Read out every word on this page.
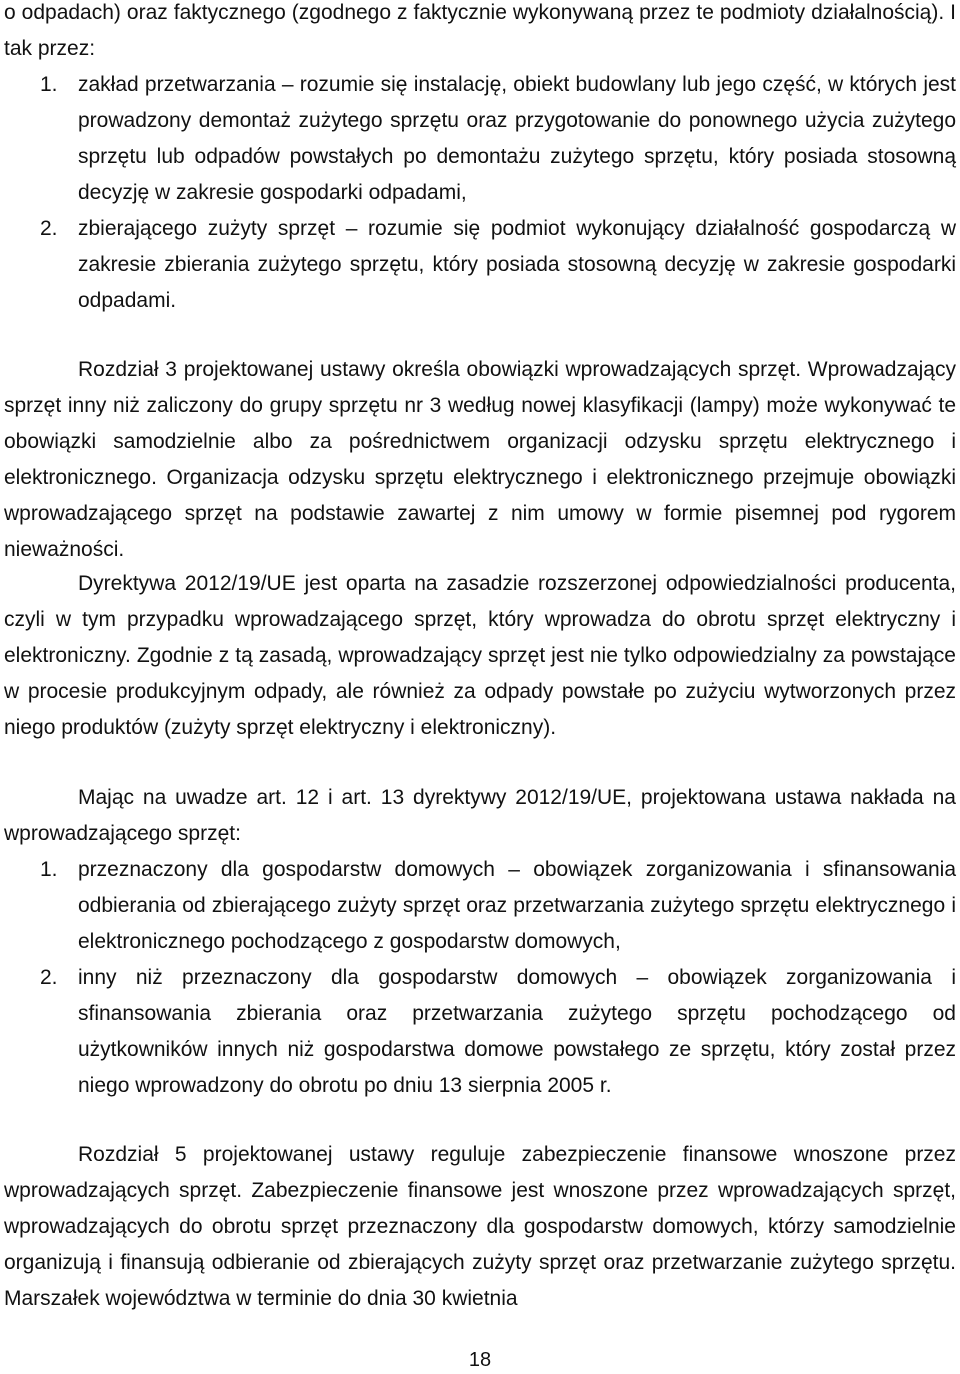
o odpadach) oraz faktycznego (zgodnego z faktycznie wykonywaną przez te podmioty działalnością). I tak przez:

1. zakład przetwarzania – rozumie się instalację, obiekt budowlany lub jego część, w których jest prowadzony demontaż zużytego sprzętu oraz przygotowanie do ponownego użycia zużytego sprzętu lub odpadów powstałych po demontażu zużytego sprzętu, który posiada stosowną decyzję w zakresie gospodarki odpadami,

2. zbierającego zużyty sprzęt – rozumie się podmiot wykonujący działalność gospodarczą w zakresie zbierania zużytego sprzętu, który posiada stosowną decyzję w zakresie gospodarki odpadami.

Rozdział 3 projektowanej ustawy określa obowiązki wprowadzających sprzęt. Wprowadzający sprzęt inny niż zaliczony do grupy sprzętu nr 3 według nowej klasyfikacji (lampy) może wykonywać te obowiązki samodzielnie albo za pośrednictwem organizacji odzysku sprzętu elektrycznego i elektronicznego. Organizacja odzysku sprzętu elektrycznego i elektronicznego przejmuje obowiązki wprowadzającego sprzęt na podstawie zawartej z nim umowy w formie pisemnej pod rygorem nieważności.

Dyrektywa 2012/19/UE jest oparta na zasadzie rozszerzonej odpowiedzialności producenta, czyli w tym przypadku wprowadzającego sprzęt, który wprowadza do obrotu sprzęt elektryczny i elektroniczny. Zgodnie z tą zasadą, wprowadzający sprzęt jest nie tylko odpowiedzialny za powstające w procesie produkcyjnym odpady, ale również za odpady powstałe po zużyciu wytworzonych przez niego produktów (zużyty sprzęt elektryczny i elektroniczny).

Mając na uwadze art. 12 i art. 13 dyrektywy 2012/19/UE, projektowana ustawa nakłada na wprowadzającego sprzęt:

1. przeznaczony dla gospodarstw domowych – obowiązek zorganizowania i sfinansowania odbierania od zbierającego zużyty sprzęt oraz przetwarzania zużytego sprzętu elektrycznego i elektronicznego pochodzącego z gospodarstw domowych,

2. inny niż przeznaczony dla gospodarstw domowych – obowiązek zorganizowania i sfinansowania zbierania oraz przetwarzania zużytego sprzętu pochodzącego od użytkowników innych niż gospodarstwa domowe powstałego ze sprzętu, który został przez niego wprowadzony do obrotu po dniu 13 sierpnia 2005 r.

Rozdział 5 projektowanej ustawy reguluje zabezpieczenie finansowe wnoszone przez wprowadzających sprzęt. Zabezpieczenie finansowe jest wnoszone przez wprowadzających sprzęt, wprowadzających do obrotu sprzęt przeznaczony dla gospodarstw domowych, którzy samodzielnie organizują i finansują odbieranie od zbierających zużyty sprzęt oraz przetwarzanie zużytego sprzętu. Marszałek województwa w terminie do dnia 30 kwietnia

18
